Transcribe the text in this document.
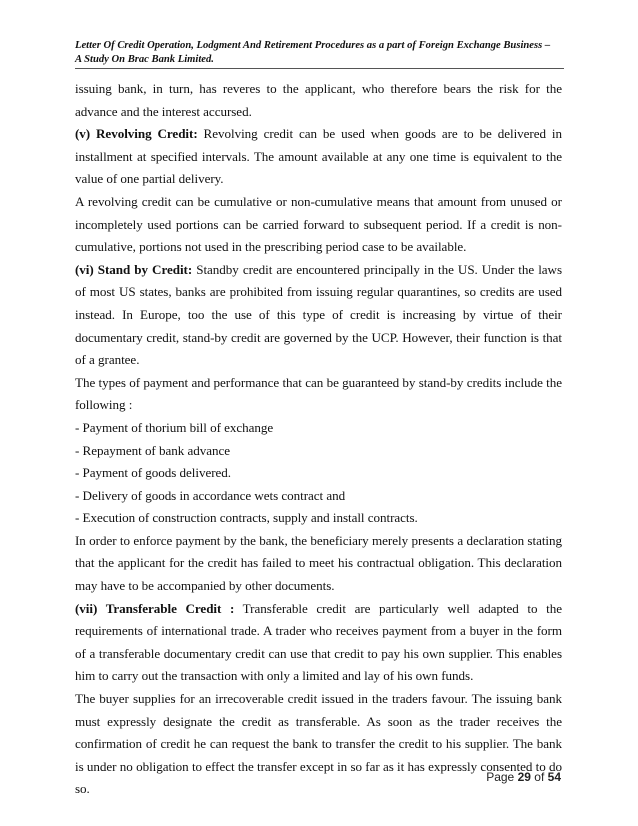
Letter Of Credit Operation, Lodgment And Retirement Procedures as a part of Foreign Exchange Business –
A Study On Brac Bank Limited.

issuing bank, in turn, has reveres to the applicant, who therefore bears the risk for the advance and the interest accursed.

(v) Revolving Credit: Revolving credit can be used when goods are to be delivered in installment at specified intervals. The amount available at any one time is equivalent to the value of one partial delivery.

A revolving credit can be cumulative or non-cumulative means that amount from unused or incompletely used portions can be carried forward to subsequent period. If a credit is non-cumulative, portions not used in the prescribing period case to be available.

(vi) Stand by Credit: Standby credit are encountered principally in the US. Under the laws of most US states, banks are prohibited from issuing regular quarantines, so credits are used instead. In Europe, too the use of this type of credit is increasing by virtue of their documentary credit, stand-by credit are governed by the UCP. However, their function is that of a grantee.

The types of payment and performance that can be guaranteed by stand-by credits include the following :

- Payment of thorium bill of exchange

- Repayment of bank advance

- Payment of goods delivered.

- Delivery of goods in accordance wets contract and

- Execution of construction contracts, supply and install contracts.

In order to enforce payment by the bank, the beneficiary merely presents a declaration stating that the applicant for the credit has failed to meet his contractual obligation. This declaration may have to be accompanied by other documents.

(vii) Transferable Credit : Transferable credit are particularly well adapted to the requirements of international trade. A trader who receives payment from a buyer in the form of a transferable documentary credit can use that credit to pay his own supplier. This enables him to carry out the transaction with only a limited and lay of his own funds.

The buyer supplies for an irrecoverable credit issued in the traders favour. The issuing bank must expressly designate the credit as transferable. As soon as the trader receives the confirmation of credit he can request the bank to transfer the credit to his supplier. The bank is under no obligation to effect the transfer except in so far as it has expressly consented to do so.

Page 29 of 54
